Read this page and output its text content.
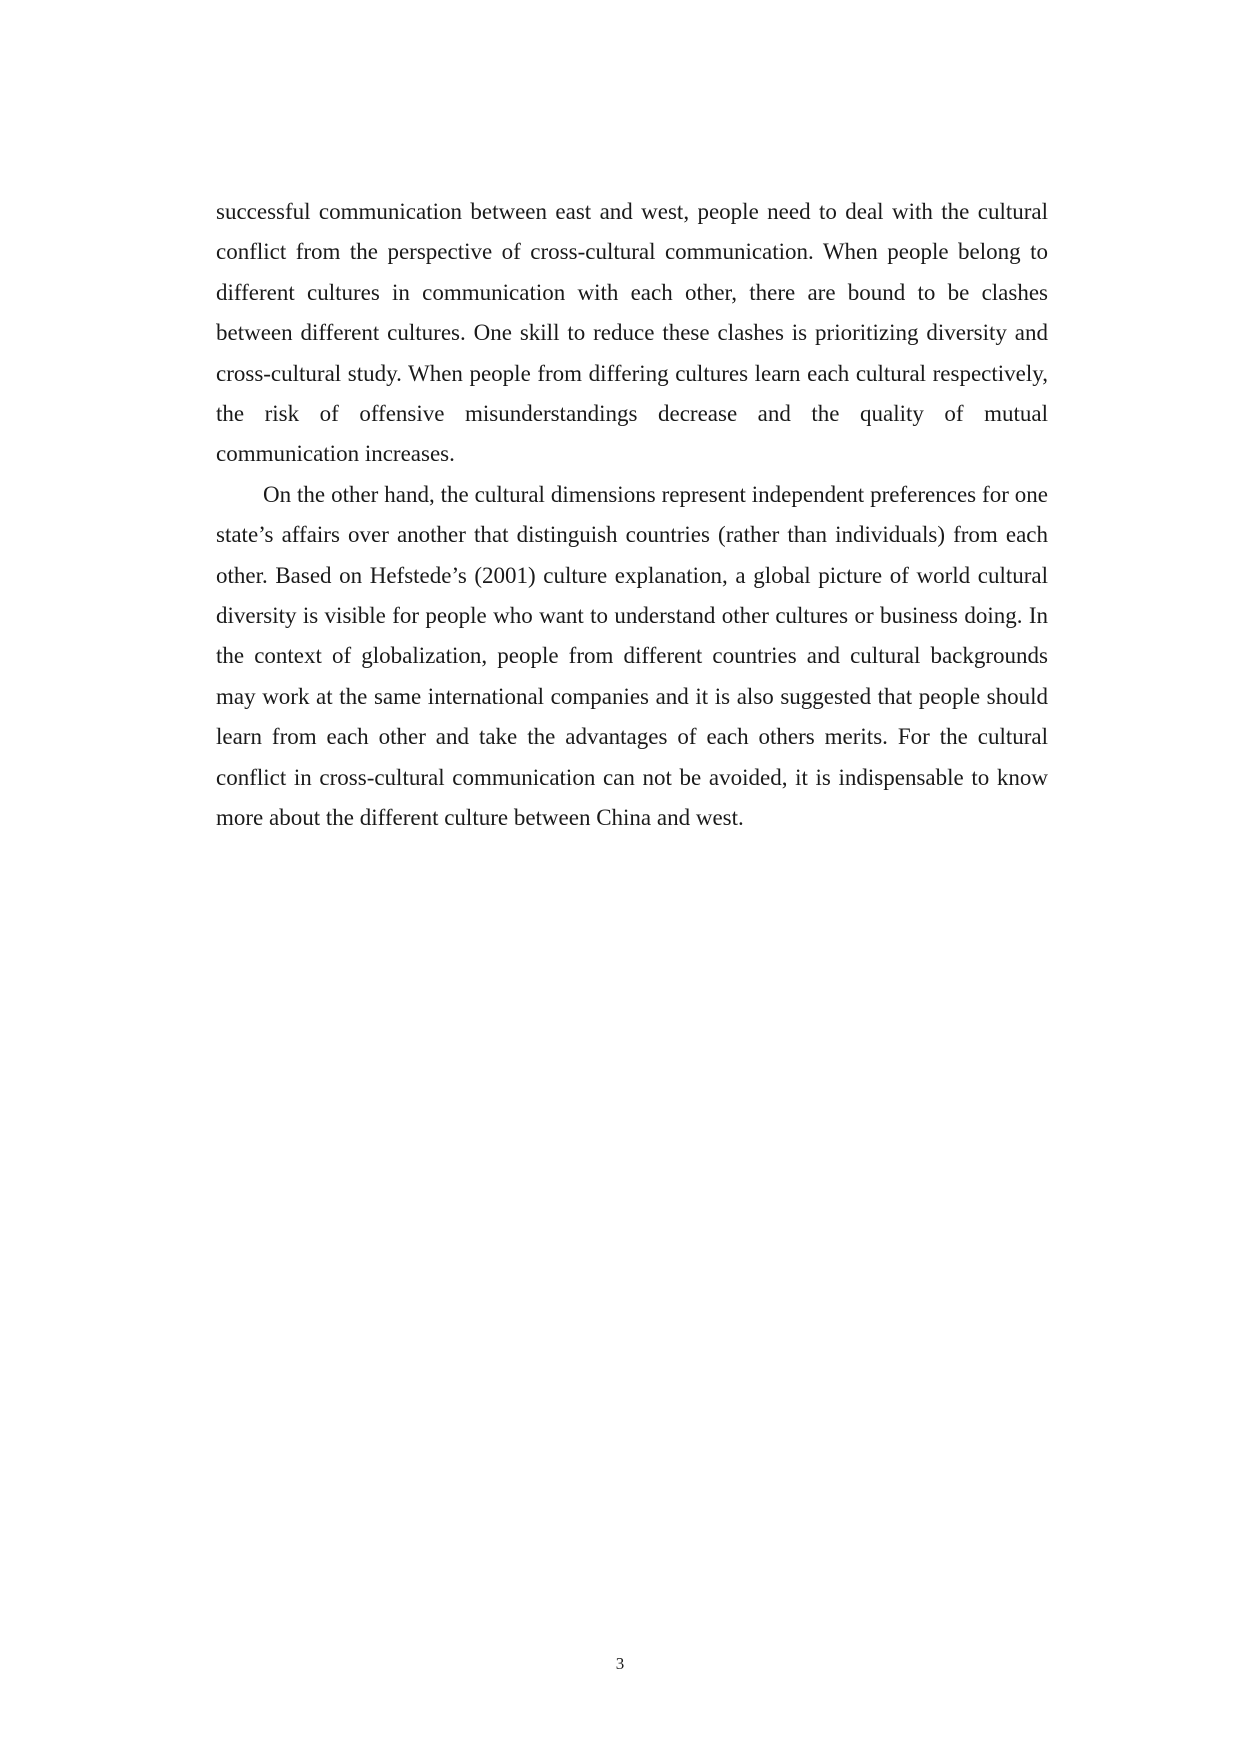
successful communication between east and west, people need to deal with the cultural conflict from the perspective of cross-cultural communication. When people belong to different cultures in communication with each other, there are bound to be clashes between different cultures. One skill to reduce these clashes is prioritizing diversity and cross-cultural study. When people from differing cultures learn each cultural respectively, the risk of offensive misunderstandings decrease and the quality of mutual communication increases.

On the other hand, the cultural dimensions represent independent preferences for one state’s affairs over another that distinguish countries (rather than individuals) from each other. Based on Hefstede’s (2001) culture explanation, a global picture of world cultural diversity is visible for people who want to understand other cultures or business doing. In the context of globalization, people from different countries and cultural backgrounds may work at the same international companies and it is also suggested that people should learn from each other and take the advantages of each others merits. For the cultural conflict in cross-cultural communication can not be avoided, it is indispensable to know more about the different culture between China and west.

3
